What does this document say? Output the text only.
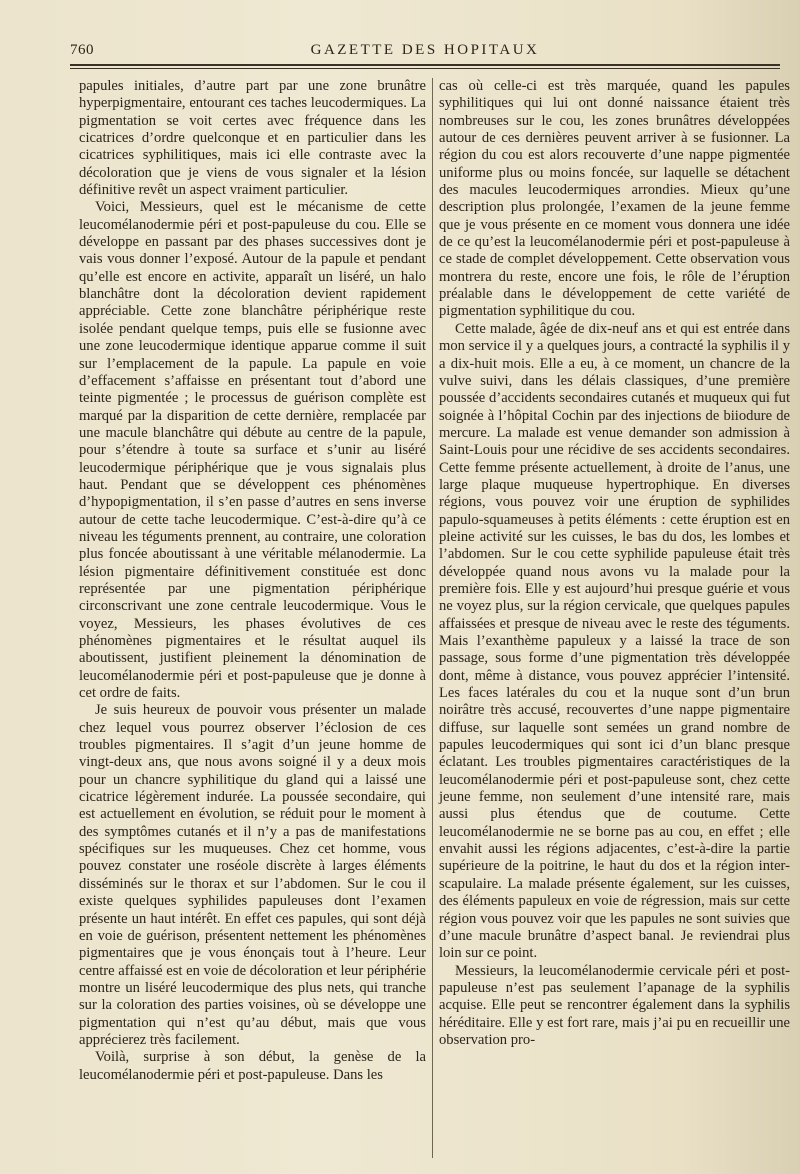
760	GAZETTE DES HOPITAUX

papules initiales, d’autre part par une zone brunâtre hyperpigmentaire, entourant ces taches leucodermiques. La pigmentation se voit certes avec fréquence dans les cicatrices d’ordre quelconque et en particulier dans les cicatrices syphilitiques, mais ici elle contraste avec la décoloration que je viens de vous signaler et la lésion définitive revêt un aspect vraiment particulier.

Voici, Messieurs, quel est le mécanisme de cette leucomélanodermie péri et post-papuleuse du cou. Elle se développe en passant par des phases successives dont je vais vous donner l’exposé. Autour de la papule et pendant qu’elle est encore en activite, apparaît un liséré, un halo blanchâtre dont la décoloration devient rapidement appréciable. Cette zone blanchâtre périphérique reste isolée pendant quelque temps, puis elle se fusionne avec une zone leucodermique identique apparue comme il suit sur l’emplacement de la papule. La papule en voie d’effacement s’affaisse en présentant tout d’abord une teinte pigmentée ; le processus de guérison complète est marqué par la disparition de cette dernière, remplacée par une macule blanchâtre qui débute au centre de la papule, pour s’étendre à toute sa surface et s’unir au liséré leucodermique périphérique que je vous signalais plus haut. Pendant que se développent ces phénomènes d’hypopigmentation, il s’en passe d’autres en sens inverse autour de cette tache leucodermique. C’est-à-dire qu’à ce niveau les téguments prennent, au contraire, une coloration plus foncée aboutissant à une véritable mélanodermie. La lésion pigmentaire définitivement constituée est donc représentée par une pigmentation périphérique circonscrivant une zone centrale leucodermique. Vous le voyez, Messieurs, les phases évolutives de ces phénomènes pigmentaires et le résultat auquel ils aboutissent, justifient pleinement la dénomination de leucomélanodermie péri et post-papuleuse que je donne à cet ordre de faits.

Je suis heureux de pouvoir vous présenter un malade chez lequel vous pourrez observer l’éclosion de ces troubles pigmentaires. Il s’agit d’un jeune homme de vingt-deux ans, que nous avons soigné il y a deux mois pour un chancre syphilitique du gland qui a laissé une cicatrice légèrement indurée. La poussée secondaire, qui est actuellement en évolution, se réduit pour le moment à des symptômes cutanés et il n’y a pas de manifestations spécifiques sur les muqueuses. Chez cet homme, vous pouvez constater une roséole discrète à larges éléments disséminés sur le thorax et sur l’abdomen. Sur le cou il existe quelques syphilides papuleuses dont l’examen présente un haut intérêt. En effet ces papules, qui sont déjà en voie de guérison, présentent nettement les phénomènes pigmentaires que je vous énonçais tout à l’heure. Leur centre affaissé est en voie de décoloration et leur périphérie montre un liséré leucodermique des plus nets, qui tranche sur la coloration des parties voisines, où se développe une pigmentation qui n’est qu’au début, mais que vous apprécierez très facilement.

Voilà, surprise à son début, la genèse de la leucomélanodermie péri et post-papuleuse. Dans les

cas où celle-ci est très marquée, quand les papules syphilitiques qui lui ont donné naissance étaient très nombreuses sur le cou, les zones brunâtres développées autour de ces dernières peuvent arriver à se fusionner. La région du cou est alors recouverte d’une nappe pigmentée uniforme plus ou moins foncée, sur laquelle se détachent des macules leucodermiques arrondies. Mieux qu’une description plus prolongée, l’examen de la jeune femme que je vous présente en ce moment vous donnera une idée de ce qu’est la leucomélanodermie péri et post-papuleuse à ce stade de complet développement. Cette observation vous montrera du reste, encore une fois, le rôle de l’éruption préalable dans le développement de cette variété de pigmentation syphilitique du cou.

Cette malade, âgée de dix-neuf ans et qui est entrée dans mon service il y a quelques jours, a contracté la syphilis il y a dix-huit mois. Elle a eu, à ce moment, un chancre de la vulve suivi, dans les délais classiques, d’une première poussée d’accidents secondaires cutanés et muqueux qui fut soignée à l’hôpital Cochin par des injections de biiodure de mercure. La malade est venue demander son admission à Saint-Louis pour une récidive de ses accidents secondaires. Cette femme présente actuellement, à droite de l’anus, une large plaque muqueuse hypertrophique. En diverses régions, vous pouvez voir une éruption de syphilides papulo-squameuses à petits éléments : cette éruption est en pleine activité sur les cuisses, le bas du dos, les lombes et l’abdomen. Sur le cou cette syphilide papuleuse était très développée quand nous avons vu la malade pour la première fois. Elle y est aujourd’hui presque guérie et vous ne voyez plus, sur la région cervicale, que quelques papules affaissées et presque de niveau avec le reste des téguments. Mais l’exanthème papuleux y a laissé la trace de son passage, sous forme d’une pigmentation très développée dont, même à distance, vous pouvez apprécier l’intensité. Les faces latérales du cou et la nuque sont d’un brun noirâtre très accusé, recouvertes d’une nappe pigmentaire diffuse, sur laquelle sont semées un grand nombre de papules leucodermiques qui sont ici d’un blanc presque éclatant. Les troubles pigmentaires caractéristiques de la leucomélanodermie péri et post-papuleuse sont, chez cette jeune femme, non seulement d’une intensité rare, mais aussi plus étendus que de coutume. Cette leucomélanodermie ne se borne pas au cou, en effet ; elle envahit aussi les régions adjacentes, c’est-à-dire la partie supérieure de la poitrine, le haut du dos et la région inter-scapulaire. La malade présente également, sur les cuisses, des éléments papuleux en voie de régression, mais sur cette région vous pouvez voir que les papules ne sont suivies que d’une macule brunâtre d’aspect banal. Je reviendrai plus loin sur ce point.

Messieurs, la leucomélanodermie cervicale péri et post-papuleuse n’est pas seulement l’apanage de la syphilis acquise. Elle peut se rencontrer également dans la syphilis héréditaire. Elle y est fort rare, mais j’ai pu en recueillir une observation pro-
